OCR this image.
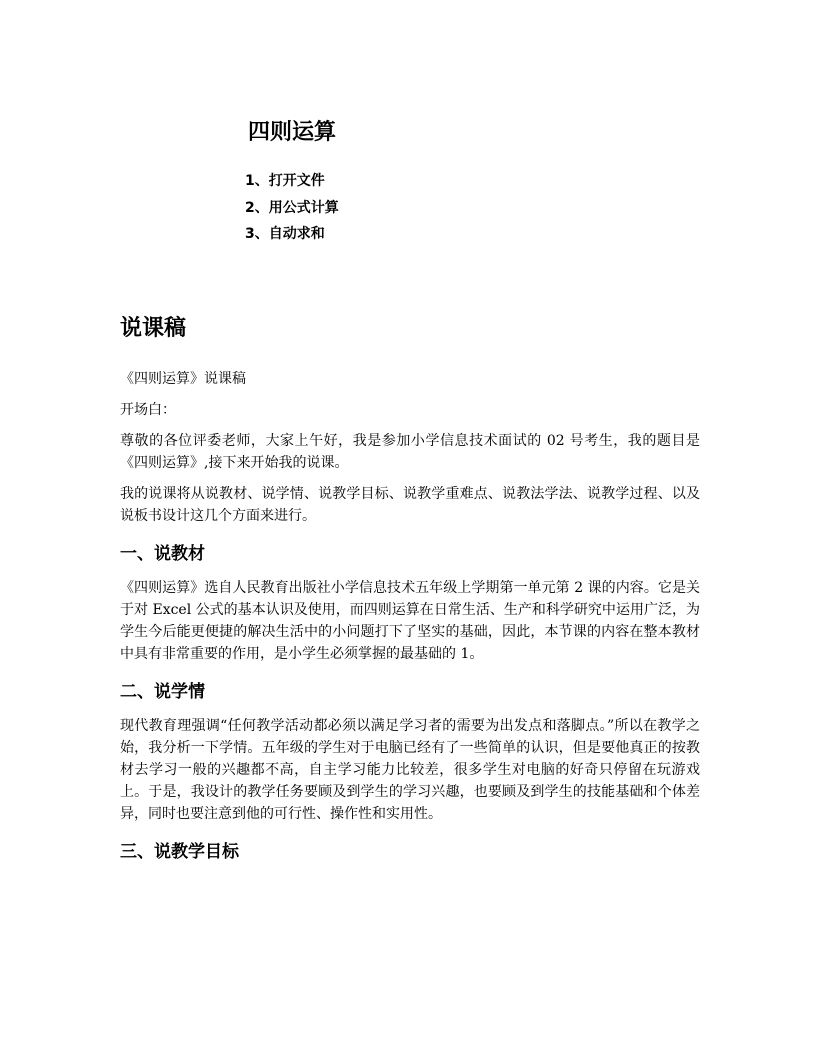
四则运算
1、打开文件
2、用公式计算
3、自动求和
说课稿

《四则运算》说课稿

开场白：

尊敬的各位评委老师，大家上午好，我是参加小学信息技术面试的 02 号考生，我的题目是《四则运算》,接下来开始我的说课。

我的说课将从说教材、说学情、说教学目标、说教学重难点、说教法学法、说教学过程、以及说板书设计这几个方面来进行。

一、说教材

《四则运算》选自人民教育出版社小学信息技术五年级上学期第一单元第 2 课的内容。它是关于对 Excel 公式的基本认识及使用，而四则运算在日常生活、生产和科学研究中运用广泛，为学生今后能更便捷的解决生活中的小问题打下了坚实的基础，因此，本节课的内容在整本教材中具有非常重要的作用，是小学生必须掌握的最基础的 1。

二、说学情

现代教育理强调“任何教学活动都必须以满足学习者的需要为出发点和落脚点。”所以在教学之始，我分析一下学情。五年级的学生对于电脑已经有了一些简单的认识，但是要他真正的按教材去学习一般的兴趣都不高，自主学习能力比较差，很多学生对电脑的好奇只停留在玩游戏上。于是，我设计的教学任务要顾及到学生的学习兴趣，也要顾及到学生的技能基础和个体差异，同时也要注意到他的可行性、操作性和实用性。

三、说教学目标
